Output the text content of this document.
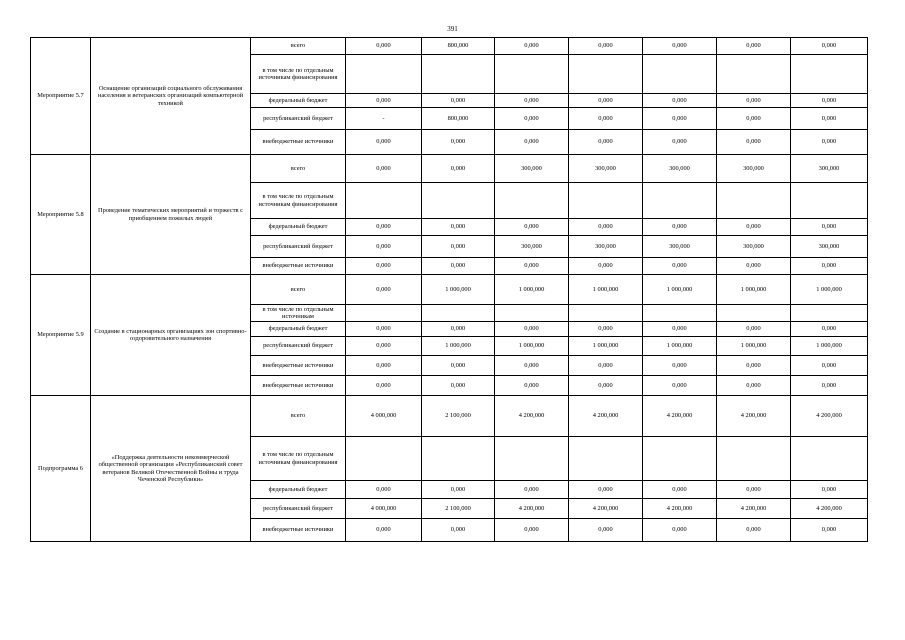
391
Мероприятие 5.7	Оснащение организаций социального обслуживания населения и ветеранских организаций компьютерной техникой	всего	0,000	800,000	0,000	0,000	0,000	0,000	0,000
		в том числе по отдельным источникам финансирования							
		федеральный бюджет	0,000	0,000	0,000	0,000	0,000	0,000	0,000
		республиканский бюджет	-	800,000	0,000	0,000	0,000	0,000	0,000
		внебюджетные источники	0,000	0,000	0,000	0,000	0,000	0,000	0,000
Мероприятие 5.8	Проведение тематических мероприятий и торжеств с приобщением пожилых людей	всего	0,000	0,000	300,000	300,000	300,000	300,000	300,000
		в том числе по отдельным источникам финансирования							
		федеральный бюджет	0,000	0,000	0,000	0,000	0,000	0,000	0,000
		республиканский бюджет	0,000	0,000	300,000	300,000	300,000	300,000	300,000
		внебюджетные источники	0,000	0,000	0,000	0,000	0,000	0,000	0,000
Мероприятие 5.9	Создание в стационарных организациях зон спортивно-оздоровительного назначения	всего	0,000	1 000,000	1 000,000	1 000,000	1 000,000	1 000,000	1 000,000
		в том числе по отдельным источникам							
		федеральный бюджет	0,000	0,000	0,000	0,000	0,000	0,000	0,000
		республиканский бюджет	0,000	1 000,000	1 000,000	1 000,000	1 000,000	1 000,000	1 000,000
		внебюджетные источники	0,000	0,000	0,000	0,000	0,000	0,000	0,000
		внебюджетные источники	0,000	0,000	0,000	0,000	0,000	0,000	0,000
Подпрограмма 6	«Поддержка деятельности некоммерческой общественной организации «Республиканский совет ветеранов Великой Отечественной Войны и труда Чеченской Республики»	всего	4 000,000	2 100,000	4 200,000	4 200,000	4 200,000	4 200,000	4 200,000
		в том числе по отдельным источникам финансирования							
		федеральный бюджет	0,000	0,000	0,000	0,000	0,000	0,000	0,000
		республиканский бюджет	4 000,000	2 100,000	4 200,000	4 200,000	4 200,000	4 200,000	4 200,000
		внебюджетные источники	0,000	0,000	0,000	0,000	0,000	0,000	0,000
